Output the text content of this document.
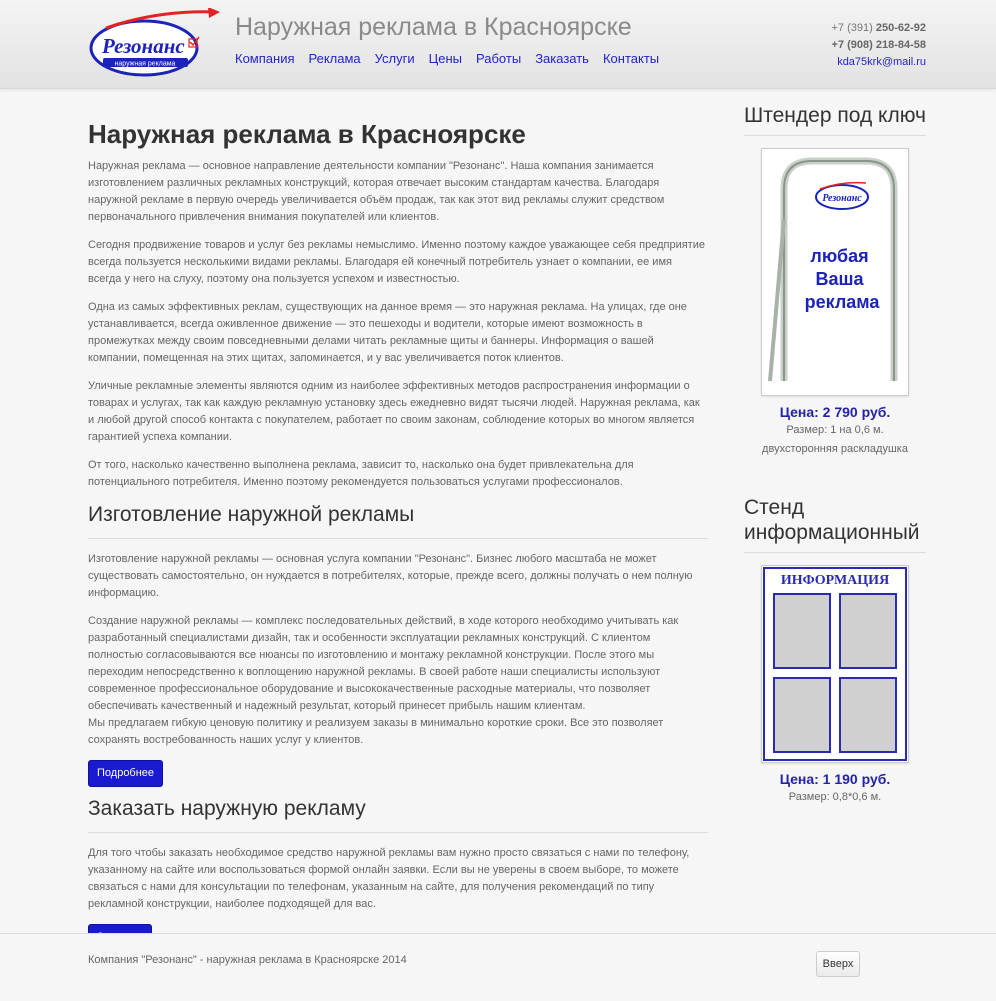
Резонанс
наружная реклама
Наружная реклама в Красноярске
Компания Реклама Услуги Цены Работы Заказать Контакты
+7 (391) 250-62-92
+7 (908) 218-84-58
kda75krk@mail.ru
Наружная реклама в Красноярске

Наружная реклама — основное направление деятельности компании "Резонанс". Наша компания занимается изготовлением различных рекламных конструкций, которая отвечает высоким стандартам качества. Благодаря наружной рекламе в первую очередь увеличивается объём продаж, так как этот вид рекламы служит средством первоначального привлечения внимания покупателей или клиентов.

Сегодня продвижение товаров и услуг без рекламы немыслимо. Именно поэтому каждое уважающее себя предприятие всегда пользуется несколькими видами рекламы. Благодаря ей конечный потребитель узнает о компании, ее имя всегда у него на слуху, поэтому она пользуется успехом и известностью.

Одна из самых эффективных реклам, существующих на данное время — это наружная реклама. На улицах, где оне устанавливается, всегда оживленное движение — это пешеходы и водители, которые имеют возможность в промежутках между своим повседневными делами читать рекламные щиты и баннеры. Информация о вашей компании, помещенная на этих щитах, запоминается, и у вас увеличивается поток клиентов.

Уличные рекламные элементы являются одним из наиболее эффективных методов распространения информации о товарах и услугах, так как каждую рекламную установку здесь ежедневно видят тысячи людей. Наружная реклама, как и любой другой способ контакта с покупателем, работает по своим законам, соблюдение которых во многом является гарантией успеха компании.

От того, насколько качественно выполнена реклама, зависит то, насколько она будет привлекательна для потенциального потребителя. Именно поэтому рекомендуется пользоваться услугами профессионалов.

Изготовление наружной рекламы

Изготовление наружной рекламы — основная услуга компании "Резонанс". Бизнес любого масштаба не может существовать самостоятельно, он нуждается в потребителях, которые, прежде всего, должны получать о нем полную информацию.

Создание наружной рекламы — комплекс последовательных действий, в ходе которого необходимо учитывать как разработанный специалистами дизайн, так и особенности эксплуатации рекламных конструкций. С клиентом полностью согласовываются все нюансы по изготовлению и монтажу рекламной конструкции. После этого мы переходим непосредственно к воплощению наружной рекламы. В своей работе наши специалисты используют современное профессиональное оборудование и высококачественные расходные материалы, что позволяет обеспечивать качественный и надежный результат, который принесет прибыль нашим клиентам.

Мы предлагаем гибкую ценовую политику и реализуем заказы в минимально короткие сроки. Все это позволяет сохранять востребованность наших услуг у клиентов.

Подробнее
Заказать наружную рекламу

Для того чтобы заказать необходимое средство наружной рекламы вам нужно просто связаться с нами по телефону, указанному на сайте или воспользоваться формой онлайн заявки. Если вы не уверены в своем выборе, то можете связаться с нами для консультации по телефонам, указанным на сайте, для получения рекомендаций по типу рекламной конструкции, наиболее подходящей для вас.

Штендер под ключ
Резонанс
любая Ваша реклама
Цена: 2 790 руб.
Размер: 1 на 0,6 м.
двухсторонняя раскладушка
Стенд информационный
ИНФОРМАЦИЯ
Цена: 1 190 руб.
Размер: 0,8*0,6 м.
Компания "Резонанс" - наружная реклама в Красноярске 2014	Вверх
